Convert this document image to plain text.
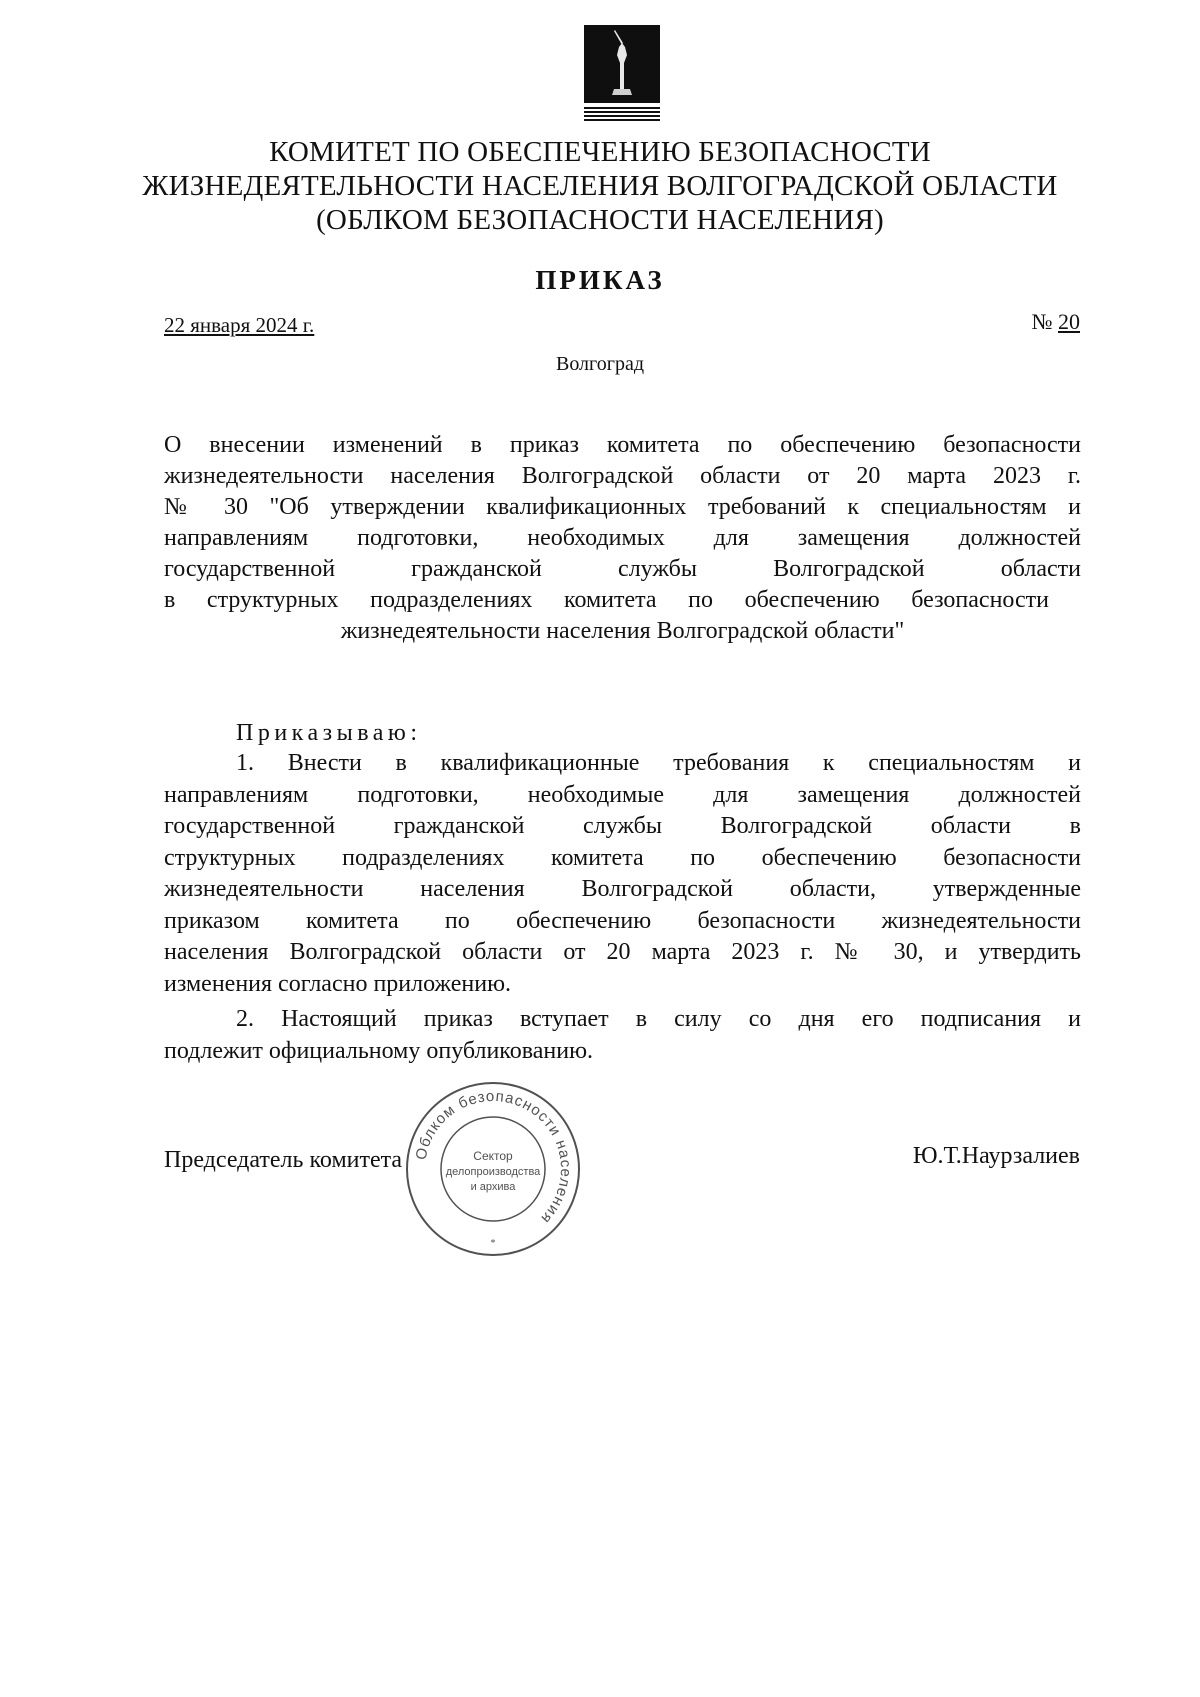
КОМИТЕТ ПО ОБЕСПЕЧЕНИЮ БЕЗОПАСНОСТИ
ЖИЗНЕДЕЯТЕЛЬНОСТИ НАСЕЛЕНИЯ ВОЛГОГРАДСКОЙ ОБЛАСТИ
(ОБЛКОМ БЕЗОПАСНОСТИ НАСЕЛЕНИЯ)
ПРИКАЗ
22 января 2024 г.	№ 20
Волгоград
О внесении изменений в приказ комитета по обеспечению безопасности
жизнедеятельности населения Волгоградской области от 20 марта 2023 г.
№ 30 "Об утверждении квалификационных требований к специальностям и
направлениям подготовки, необходимых для замещения должностей
государственной гражданской службы Волгоградской области
в структурных подразделениях комитета по обеспечению безопасности
жизнедеятельности населения Волгоградской области"
Приказываю:
1. Внести в квалификационные требования к специальностям и
направлениям подготовки, необходимые для замещения должностей
государственной гражданской службы Волгоградской области в
структурных подразделениях комитета по обеспечению безопасности
жизнедеятельности населения Волгоградской области, утвержденные
приказом комитета по обеспечению безопасности жизнедеятельности
населения Волгоградской области от 20 марта 2023 г. № 30, и утвердить
изменения согласно приложению.
2. Настоящий приказ вступает в силу со дня его подписания и
подлежит официальному опубликованию.
Председатель комитета	Ю.Т.Наурзалиев
Облком безопасности населения
Сектор
делопроизводства
и архива
*
